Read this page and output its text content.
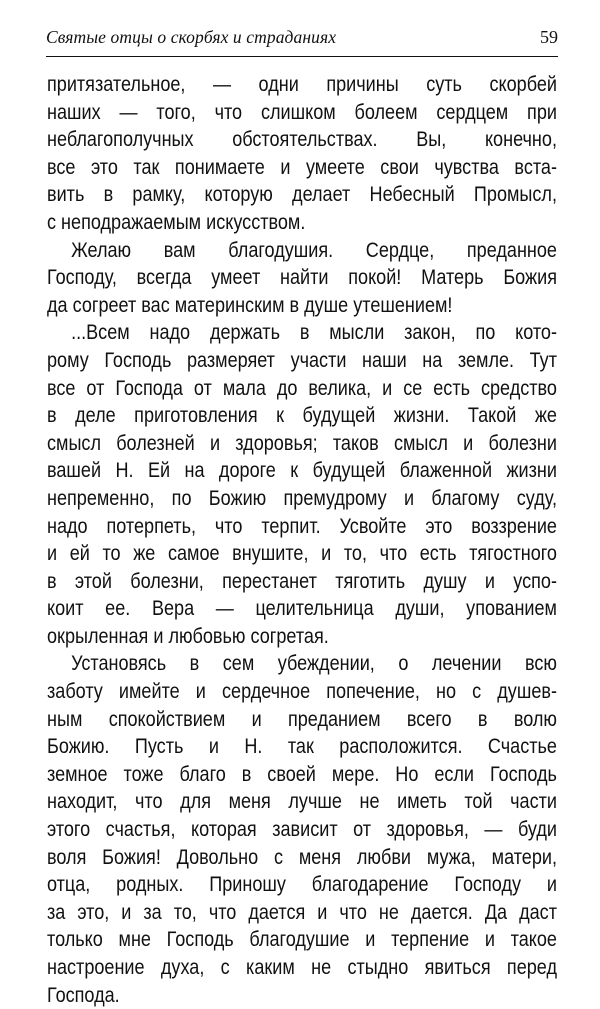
Святые отцы о скорбях и страданиях	59
притязательное, — одни причины суть скорбей
наших — того, что слишком болеем сердцем при
неблагополучных обстоятельствах. Вы, конечно,
все это так понимаете и умеете свои чувства вста-
вить в рамку, которую делает Небесный Промысл,
с неподражаемым искусством.
Желаю вам благодушия. Сердце, преданное
Господу, всегда умеет найти покой! Матерь Божия
да согреет вас материнским в душе утешением!
...Всем надо держать в мысли закон, по кото-
рому Господь размеряет участи наши на земле. Тут
все от Господа от мала до велика, и се есть средство
в деле приготовления к будущей жизни. Такой же
смысл болезней и здоровья; таков смысл и болезни
вашей Н. Ей на дороге к будущей блаженной жизни
непременно, по Божию премудрому и благому суду,
надо потерпеть, что терпит. Усвойте это воззрение
и ей то же самое внушите, и то, что есть тягостного
в этой болезни, перестанет тяготить душу и успо-
коит ее. Вера — целительница души, упованием
окрыленная и любовью согретая.
Установясь в сем убеждении, о лечении всю
заботу имейте и сердечное попечение, но с душев-
ным спокойствием и преданием всего в волю
Божию. Пусть и Н. так расположится. Счастье
земное тоже благо в своей мере. Но если Господь
находит, что для меня лучше не иметь той части
этого счастья, которая зависит от здоровья, — буди
воля Божия! Довольно с меня любви мужа, матери,
отца, родных. Приношу благодарение Господу и
за это, и за то, что дается и что не дается. Да даст
только мне Господь благодушие и терпение и такое
настроение духа, с каким не стыдно явиться перед
Господа.
